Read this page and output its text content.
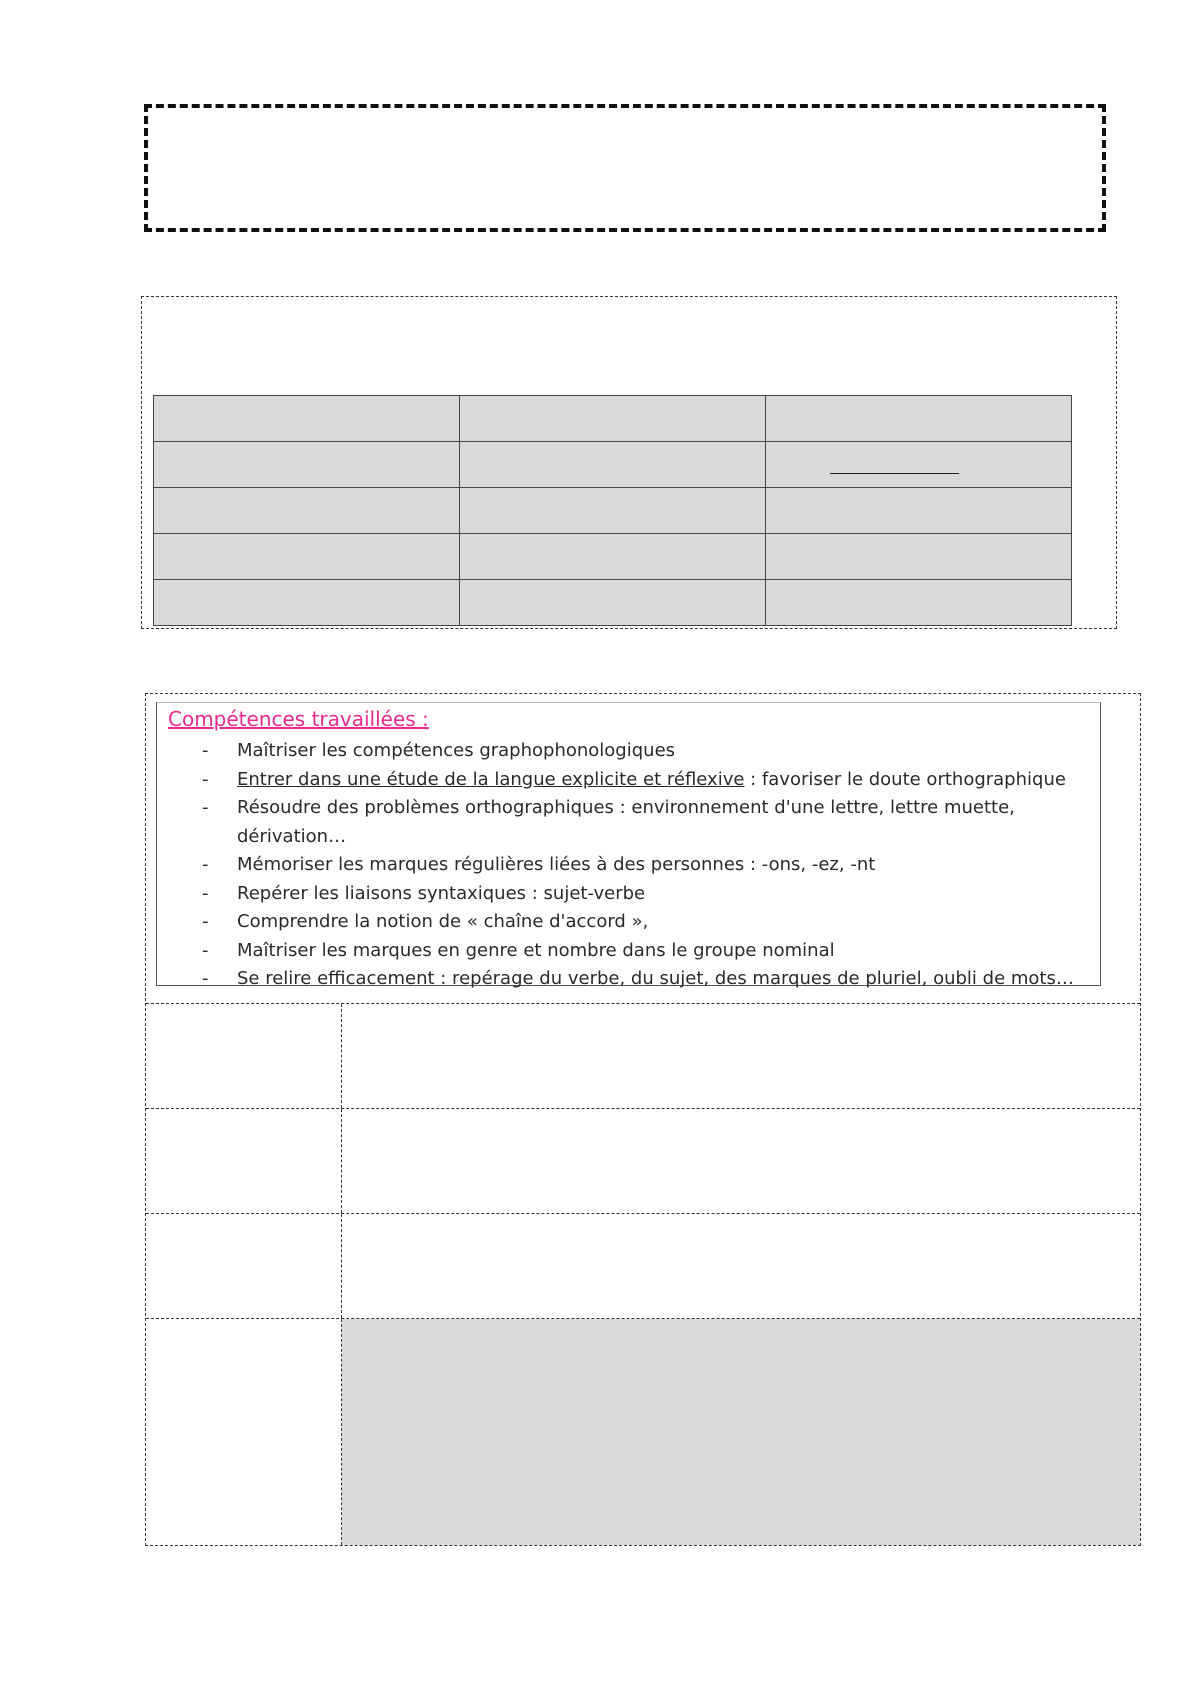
Compétences travaillées :
- Maîtriser les compétences graphophonologiques
- Entrer dans une étude de la langue explicite et réflexive : favoriser le doute orthographique
- Résoudre des problèmes orthographiques : environnement d'une lettre, lettre muette, dérivation…
- Mémoriser les marques régulières liées à des personnes : -ons, -ez, -nt
- Repérer les liaisons syntaxiques : sujet-verbe
- Comprendre la notion de « chaîne d'accord »,
- Maîtriser les marques en genre et nombre dans le groupe nominal
- Se relire efficacement : repérage du verbe, du sujet, des marques de pluriel, oubli de mots…
